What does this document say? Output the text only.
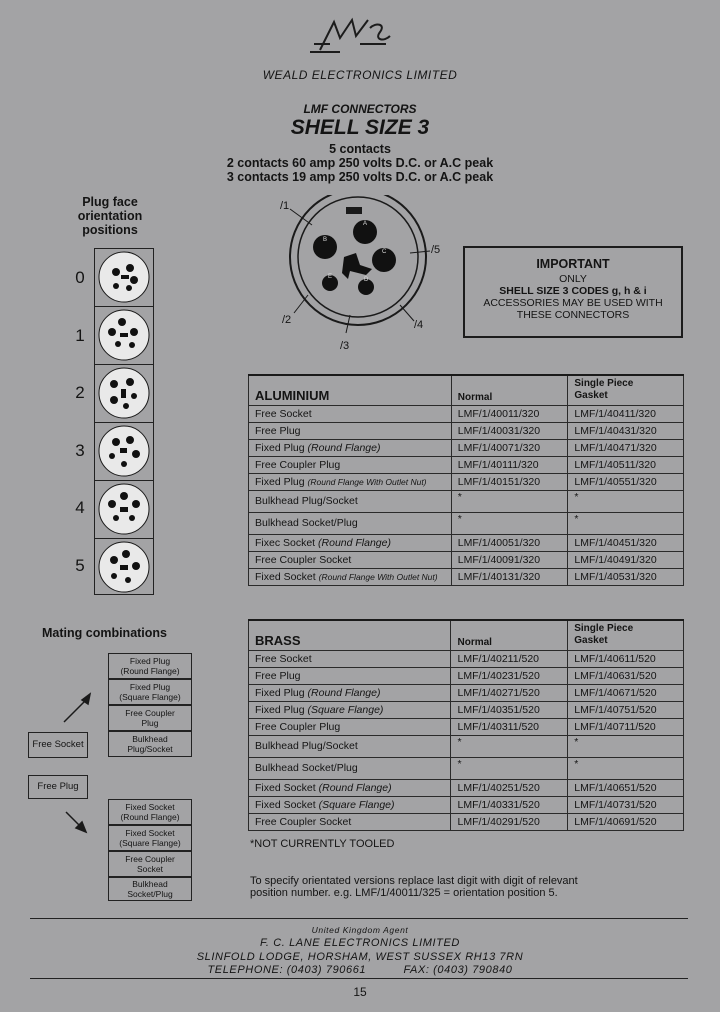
WEALD ELECTRONICS LIMITED
LMF CONNECTORS
SHELL SIZE 3
5 contacts
2 contacts 60 amp 250 volts D.C. or A.C peak
3 contacts 19 amp 250 volts D.C. or A.C peak
A
B
C
D
E
/1
/5
/2	/4
/3
Plug face
orientation
positions
0
1
2
3
4
5
IMPORTANT
ONLY
SHELL SIZE 3 CODES g, h & i
ACCESSORIES MAY BE USED WITH
THESE CONNECTORS
ALUMINIUM	Normal	Single Piece
Gasket

Free Socket	LMF/1/40011/320	LMF/1/40411/320
Free Plug	LMF/1/40031/320	LMF/1/40431/320
Fixed Plug (Round Flange)	LMF/1/40071/320	LMF/1/40471/320
Free Coupler Plug	LMF/1/40111/320	LMF/1/40511/320
Fixed Plug (Round Flange With Outlet Nut)	LMF/1/40151/320	LMF/1/40551/320
Bulkhead Plug/Socket	*	*
Bulkhead Socket/Plug	*	*
Fixec Socket (Round Flange)	LMF/1/40051/320	LMF/1/40451/320
Free Coupler Socket	LMF/1/40091/320	LMF/1/40491/320
Fixed Socket (Round Flange With Outlet Nut)	LMF/1/40131/320	LMF/1/40531/320
BRASS	Normal	Single Piece
Gasket

Free Socket	LMF/1/40211/520	LMF/1/40611/520
Free Plug	LMF/1/40231/520	LMF/1/40631/520
Fixed Plug (Round Flange)	LMF/1/40271/520	LMF/1/40671/520
Fixed Plug (Square Flange)	LMF/1/40351/520	LMF/1/40751/520
Free Coupler Plug	LMF/1/40311/520	LMF/1/40711/520
Bulkhead Plug/Socket	*	*
Bulkhead Socket/Plug	*	*
Fixed Socket (Round Flange)	LMF/1/40251/520	LMF/1/40651/520
Fixed Socket (Square Flange)	LMF/1/40331/520	LMF/1/40731/520
Free Coupler Socket	LMF/1/40291/520	LMF/1/40691/520
Mating combinations
Free Socket
Free Plug
Fixed Plug
(Round Flange)
Fixed Plug
(Square Flange)
Free Coupler
Plug
Bulkhead
Plug/Socket
Fixed Socket
(Round Flange)
Fixed Socket
(Square Flange)
Free Coupler
Socket
Bulkhead
Socket/Plug
*NOT CURRENTLY TOOLED
To specify orientated versions replace last digit with digit of relevant
position number. e.g. LMF/1/40011/325 = orientation position 5.
United Kingdom Agent
F. C. LANE ELECTRONICS LIMITED
SLINFOLD LODGE, HORSHAM, WEST SUSSEX RH13 7RN
TELEPHONE: (0403) 790661	FAX: (0403) 790840
15
